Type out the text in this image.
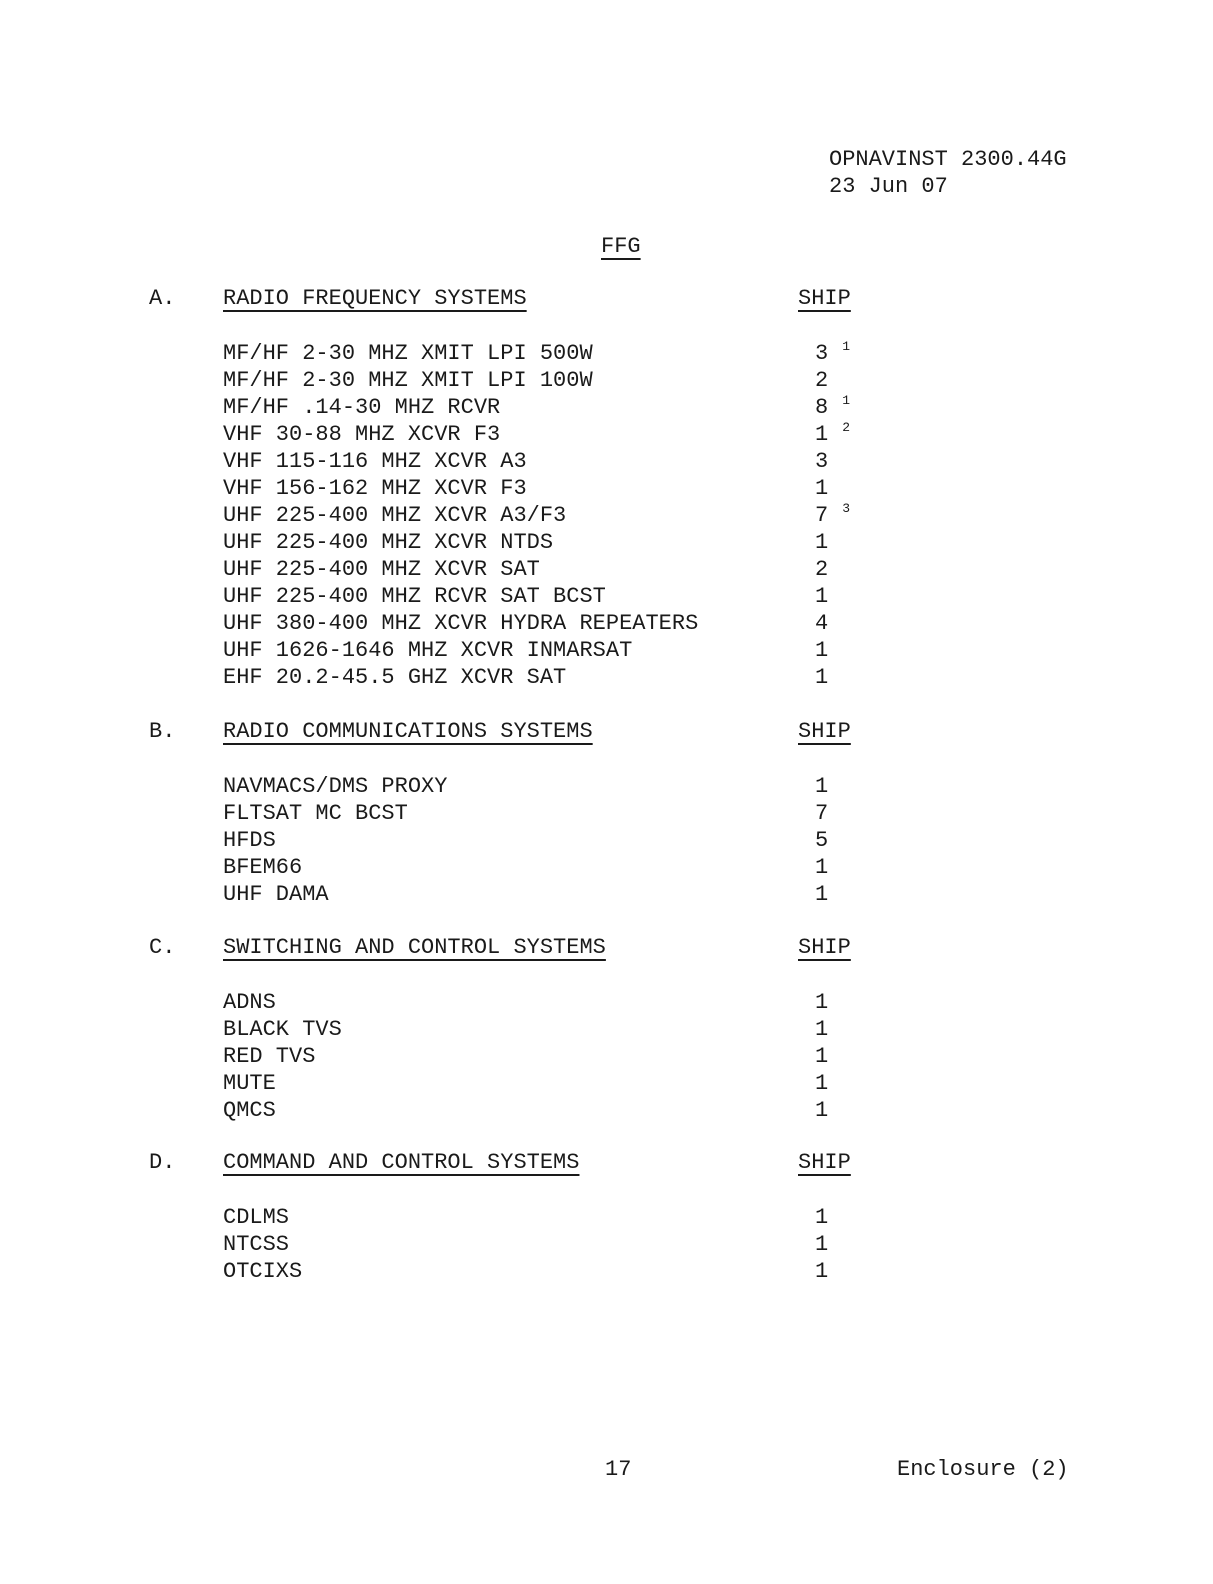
OPNAVINST 2300.44G
23 Jun 07
FFG
A. RADIO FREQUENCY SYSTEMS	SHIP
MF/HF 2-30 MHZ XMIT LPI 500W	3 $^1$
MF/HF 2-30 MHZ XMIT LPI 100W	2
MF/HF .14-30 MHZ RCVR	8 $^1$
VHF 30-88 MHZ XCVR F3	1 $^2$
VHF 115-116 MHZ XCVR A3	3
VHF 156-162 MHZ XCVR F3	1
UHF 225-400 MHZ XCVR A3/F3	7 $^3$
UHF 225-400 MHZ XCVR NTDS	1
UHF 225-400 MHZ XCVR SAT	2
UHF 225-400 MHZ RCVR SAT BCST	1
UHF 380-400 MHZ XCVR HYDRA REPEATERS	4
UHF 1626-1646 MHZ XCVR INMARSAT	1
EHF 20.2-45.5 GHZ XCVR SAT	1
B. RADIO COMMUNICATIONS SYSTEMS	SHIP
NAVMACS/DMS PROXY	1
FLTSAT MC BCST	7
HFDS	5
BFEM66	1
UHF DAMA	1
C. SWITCHING AND CONTROL SYSTEMS	SHIP
ADNS	1
BLACK TVS	1
RED TVS	1
MUTE	1
QMCS	1
D. COMMAND AND CONTROL SYSTEMS	SHIP
CDLMS	1
NTCSS	1
OTCIXS	1
17	Enclosure (2)
